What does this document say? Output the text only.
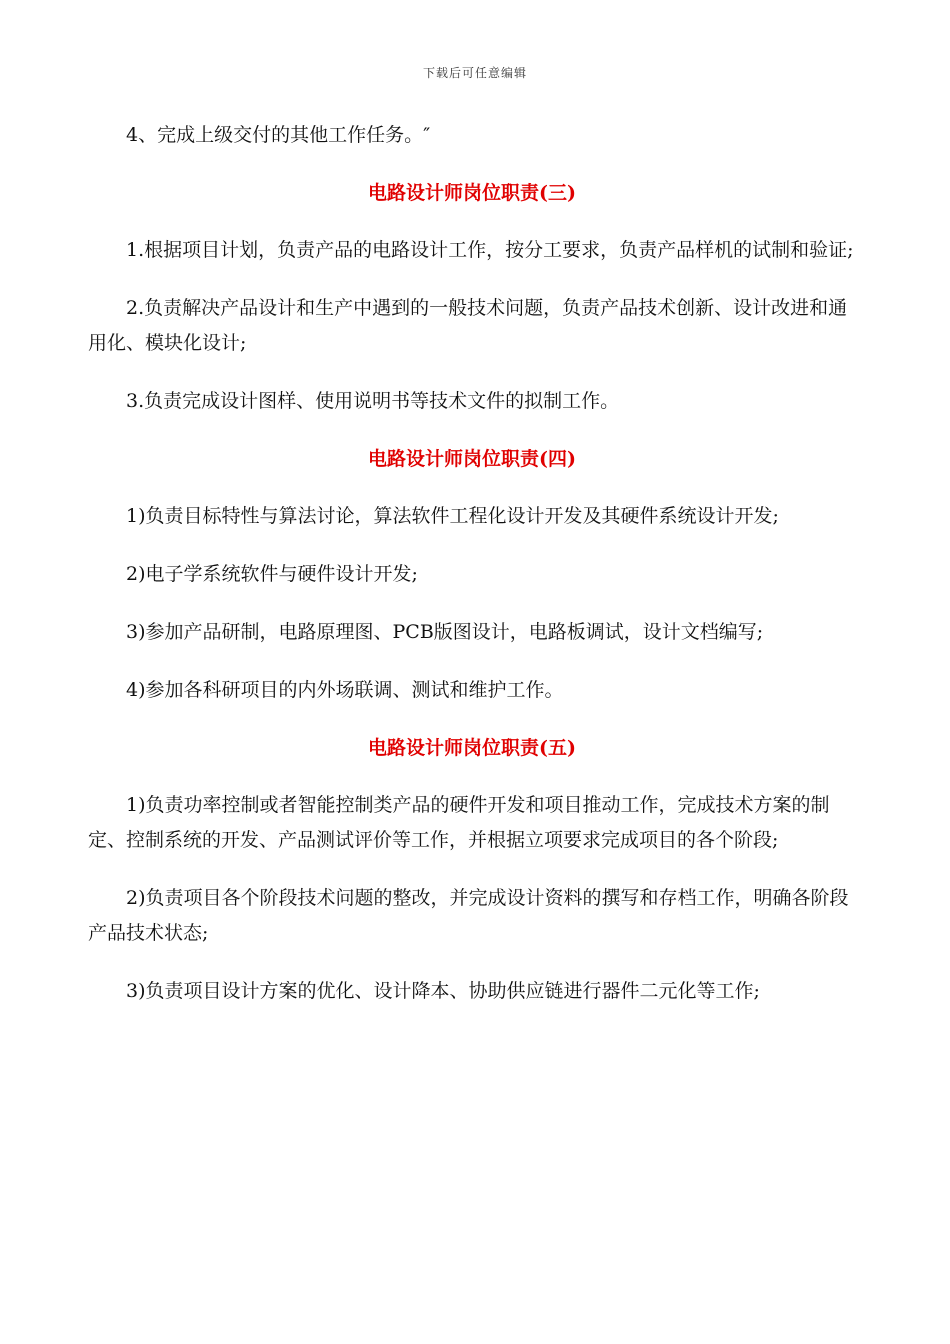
下载后可任意编辑

4、完成上级交付的其他工作任务。″

电路设计师岗位职责(三)

1.根据项目计划，负责产品的电路设计工作，按分工要求，负责产品样机的试制和验证;

2.负责解决产品设计和生产中遇到的一般技术问题，负责产品技术创新、设计改进和通用化、模块化设计;

3.负责完成设计图样、使用说明书等技术文件的拟制工作。

电路设计师岗位职责(四)

1)负责目标特性与算法讨论，算法软件工程化设计开发及其硬件系统设计开发;

2)电子学系统软件与硬件设计开发;

3)参加产品研制，电路原理图、PCB版图设计，电路板调试，设计文档编写;

4)参加各科研项目的内外场联调、测试和维护工作。

电路设计师岗位职责(五)

1)负责功率控制或者智能控制类产品的硬件开发和项目推动工作，完成技术方案的制定、控制系统的开发、产品测试评价等工作，并根据立项要求完成项目的各个阶段;

2)负责项目各个阶段技术问题的整改，并完成设计资料的撰写和存档工作，明确各阶段产品技术状态;

3)负责项目设计方案的优化、设计降本、协助供应链进行器件二元化等工作;
